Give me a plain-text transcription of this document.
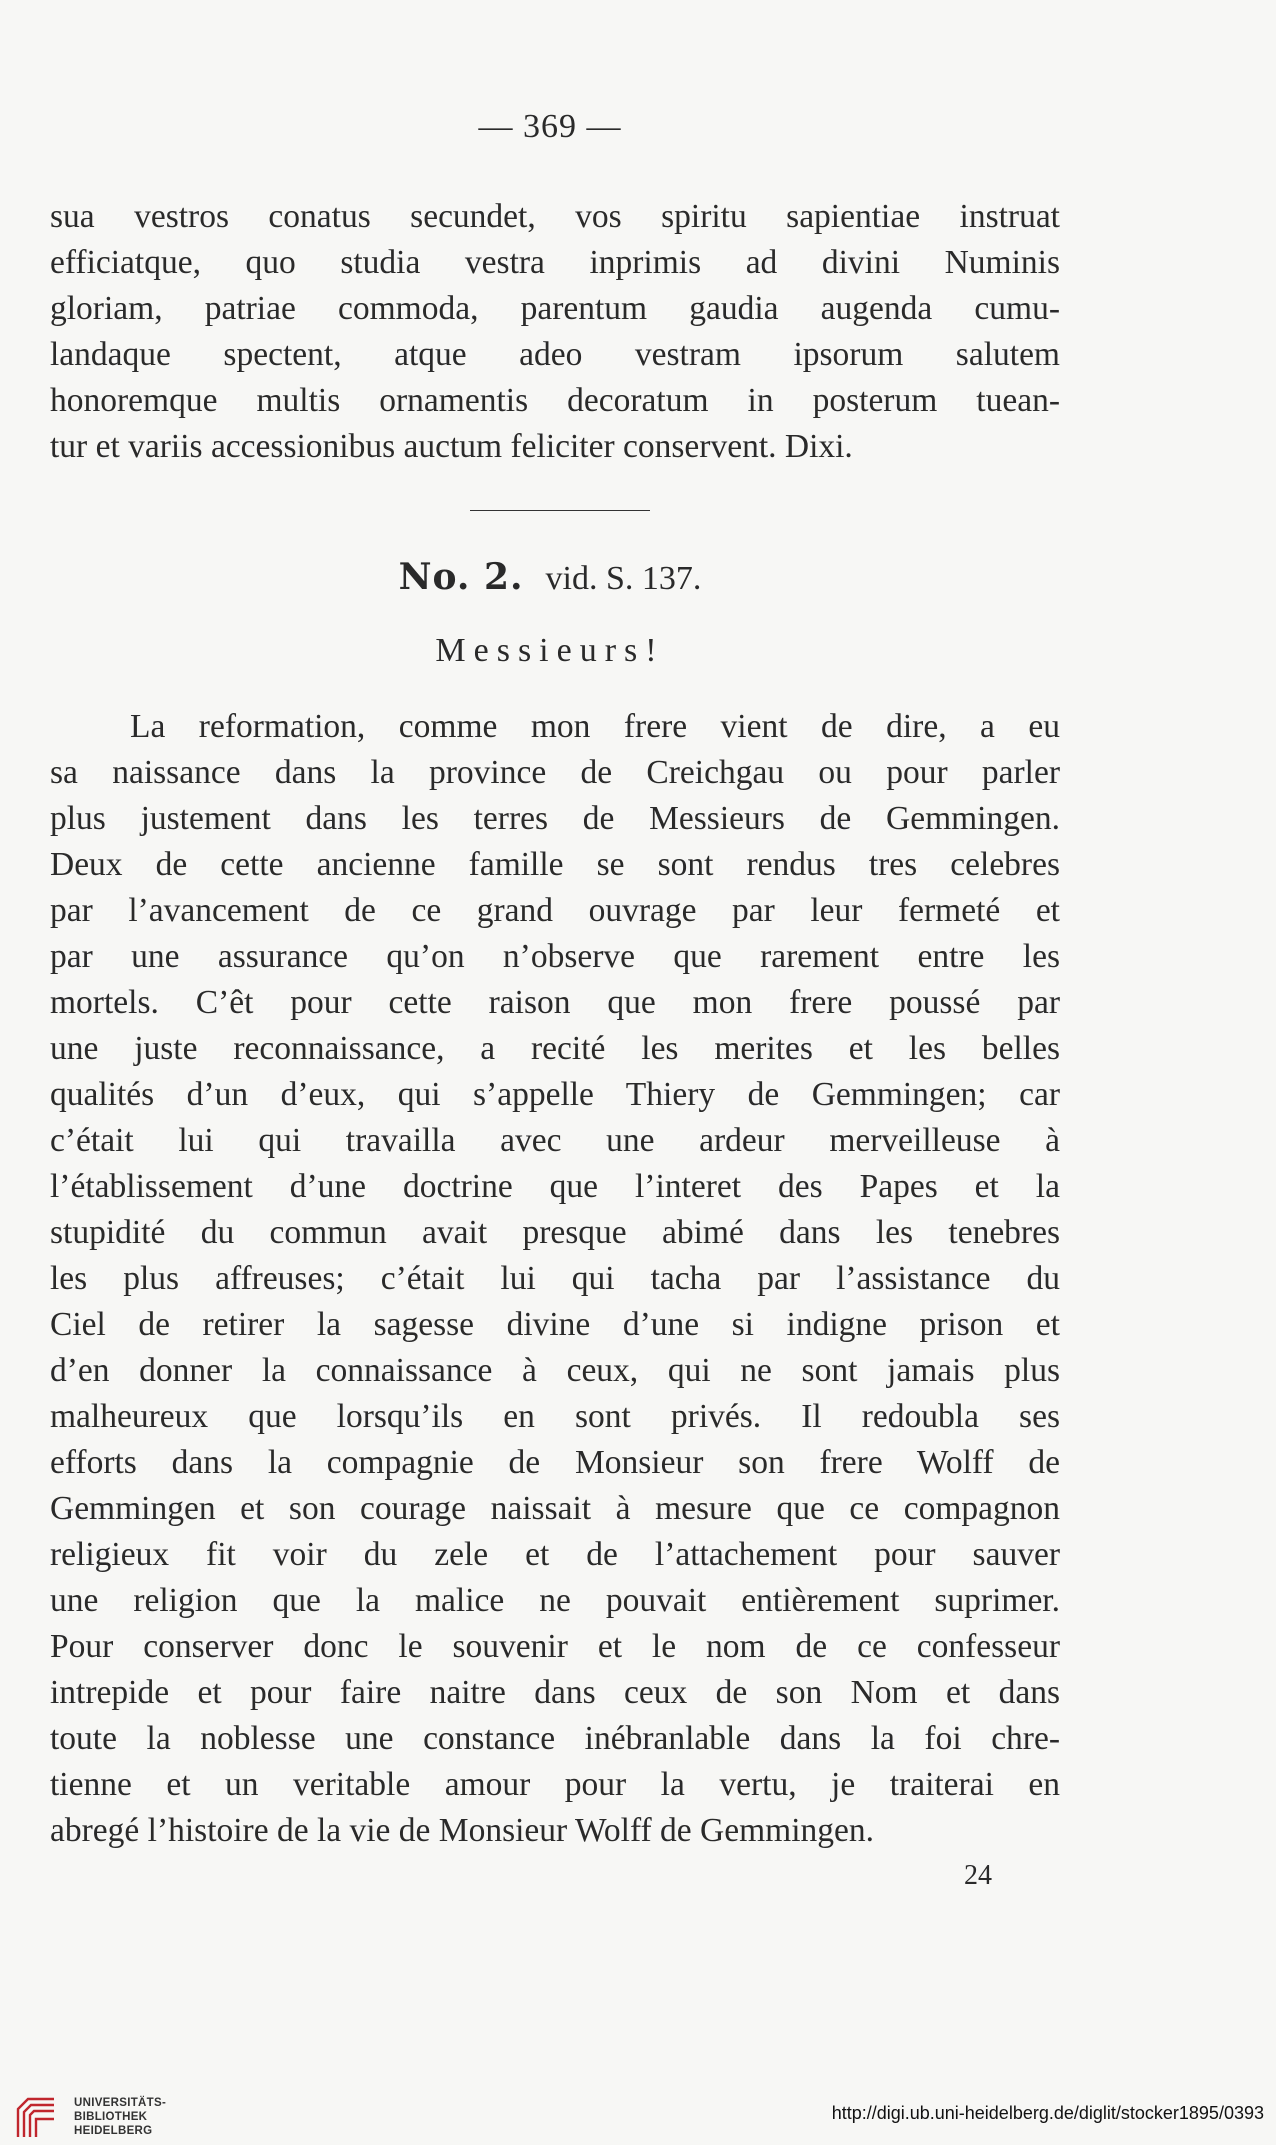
— 369 —
sua vestros conatus secundet, vos spiritu sapientiae instruat
efficiatque, quo studia vestra inprimis ad divini Numinis
gloriam, patriae commoda, parentum gaudia augenda cumu-
landaque spectent, atque adeo vestram ipsorum salutem
honoremque multis ornamentis decoratum in posterum tuean-
tur et variis accessionibus auctum feliciter conservent. Dixi.
No. 2. vid. S. 137.
Messieurs!
La reformation, comme mon frere vient de dire, a eu
sa naissance dans la province de Creichgau ou pour parler
plus justement dans les terres de Messieurs de Gemmingen.
Deux de cette ancienne famille se sont rendus tres celebres
par l’avancement de ce grand ouvrage par leur fermeté et
par une assurance qu’on n’observe que rarement entre les
mortels. C’êt pour cette raison que mon frere poussé par
une juste reconnaissance, a recité les merites et les belles
qualités d’un d’eux, qui s’appelle Thiery de Gemmingen; car
c’était lui qui travailla avec une ardeur merveilleuse à
l’établissement d’une doctrine que l’interet des Papes et la
stupidité du commun avait presque abimé dans les tenebres
les plus affreuses; c’était lui qui tacha par l’assistance du
Ciel de retirer la sagesse divine d’une si indigne prison et
d’en donner la connaissance à ceux, qui ne sont jamais plus
malheureux que lorsqu’ils en sont privés. Il redoubla ses
efforts dans la compagnie de Monsieur son frere Wolff de
Gemmingen et son courage naissait à mesure que ce compagnon
religieux fit voir du zele et de l’attachement pour sauver
une religion que la malice ne pouvait entièrement suprimer.
Pour conserver donc le souvenir et le nom de ce confesseur
intrepide et pour faire naitre dans ceux de son Nom et dans
toute la noblesse une constance inébranlable dans la foi chre-
tienne et un veritable amour pour la vertu, je traiterai en
abregé l’histoire de la vie de Monsieur Wolff de Gemmingen.
24
UNIVERSITÄTS-
BIBLIOTHEK
HEIDELBERG
http://digi.ub.uni-heidelberg.de/diglit/stocker1895/0393
